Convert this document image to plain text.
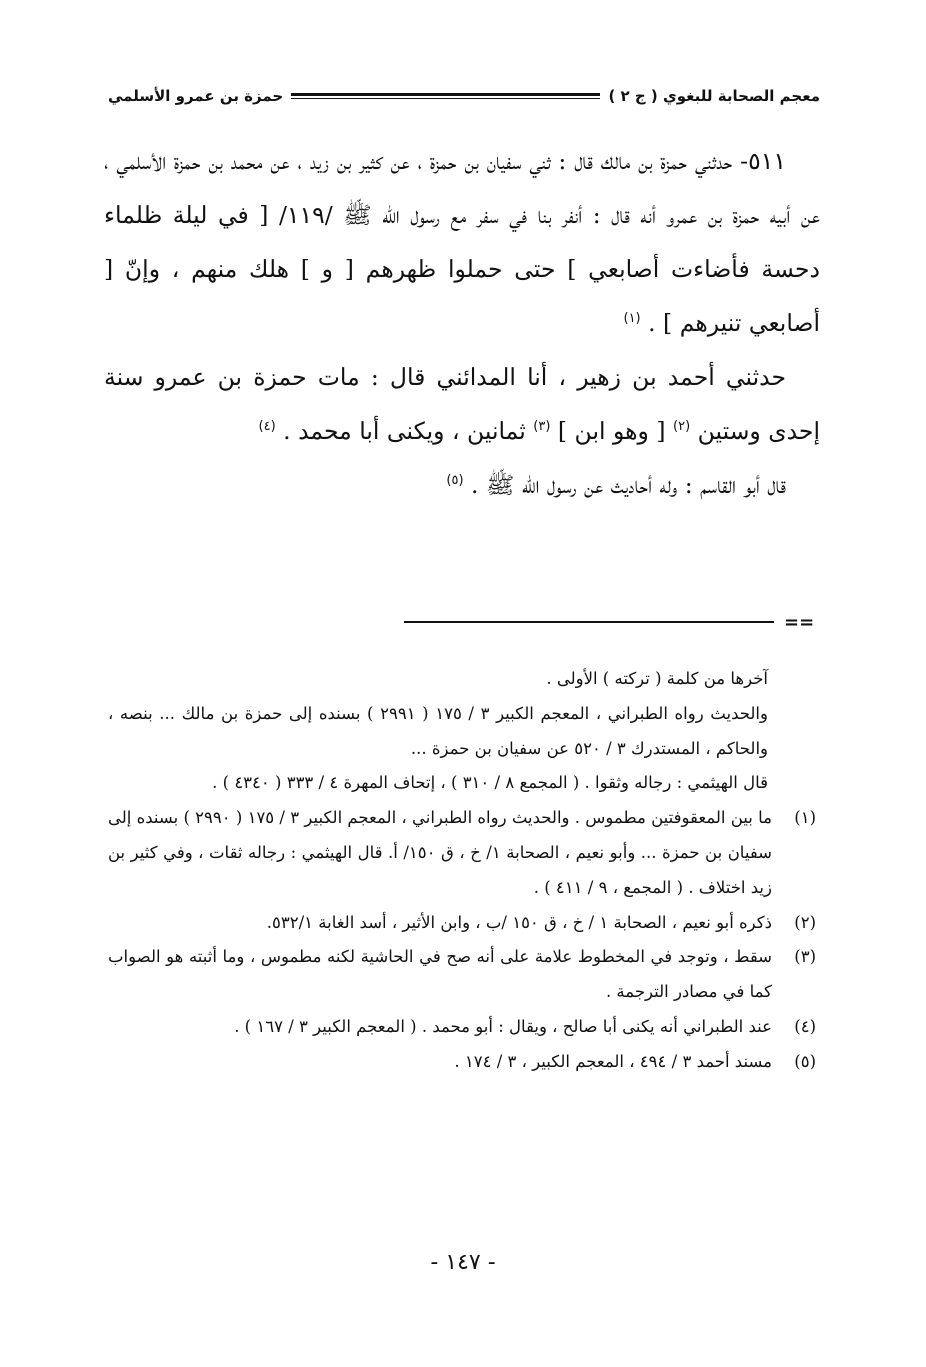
معجم الصحابة للبغوي ( ج ٢ )
حمزة بن عمرو الأسلمي

٥١١- حدثني حمزة بن مالك قال : ثني سفيان بن حمزة ، عن كثير بن زيد ، عن محمد بن حمزة الأسلمي ، عن أبيه حمزة بن عمرو أنه قال : أنفر بنا في سفر مع رسول الله ﷺ /١١٩/ [ في ليلة ظلماء دحسة فأضاءت أصابعي ] حتى حملوا ظهرهم [ و ] هلك منهم ، وإنّ [ أصابعي تنيرهم ] . $^{(١)}$

حدثني أحمد بن زهير ، أنا المدائني قال : مات حمزة بن عمرو سنة إحدى وستين $^{(٢)}$ [ وهو ابن ] $^{(٣)}$ ثمانين ، ويكنى أبا محمد . $^{(٤)}$

قال أبو القاسم : وله أحاديث عن رسول الله ﷺ . $^{(٥)}$

==
آخرها من كلمة ( تركته ) الأولى .
والحديث رواه الطبراني ، المعجم الكبير ٣ / ١٧٥ ( ٢٩٩١ ) بسنده إلى حمزة بن مالك ... بنصه ، والحاكم ، المستدرك ٣ / ٥٢٠ عن سفيان بن حمزة ...
قال الهيثمي : رجاله وثقوا . ( المجمع ٨ / ٣١٠ ) ، إتحاف المهرة ٤ / ٣٣٣ ( ٤٣٤٠ ) .
(١)
ما بين المعقوفتين مطموس . والحديث رواه الطبراني ، المعجم الكبير ٣ / ١٧٥ ( ٢٩٩٠ ) بسنده إلى سفيان بن حمزة ... وأبو نعيم ، الصحابة ١/ خ ، ق ١٥٠/ أ. قال الهيثمي : رجاله ثقات ، وفي كثير بن زيد اختلاف . ( المجمع ، ٩ / ٤١١ ) .
(٢)
ذكره أبو نعيم ، الصحابة ١ / خ ، ق ١٥٠ /ب ، وابن الأثير ، أسد الغابة ٥٣٢/١.
(٣)
سقط ، وتوجد في المخطوط علامة على أنه صح في الحاشية لكنه مطموس ، وما أثبته هو الصواب كما في مصادر الترجمة .
(٤)
عند الطبراني أنه يكنى أبا صالح ، ويقال : أبو محمد . ( المعجم الكبير ٣ / ١٦٧ ) .
(٥)
مسند أحمد ٣ / ٤٩٤ ، المعجم الكبير ، ٣ / ١٧٤ .
- ١٤٧ -
